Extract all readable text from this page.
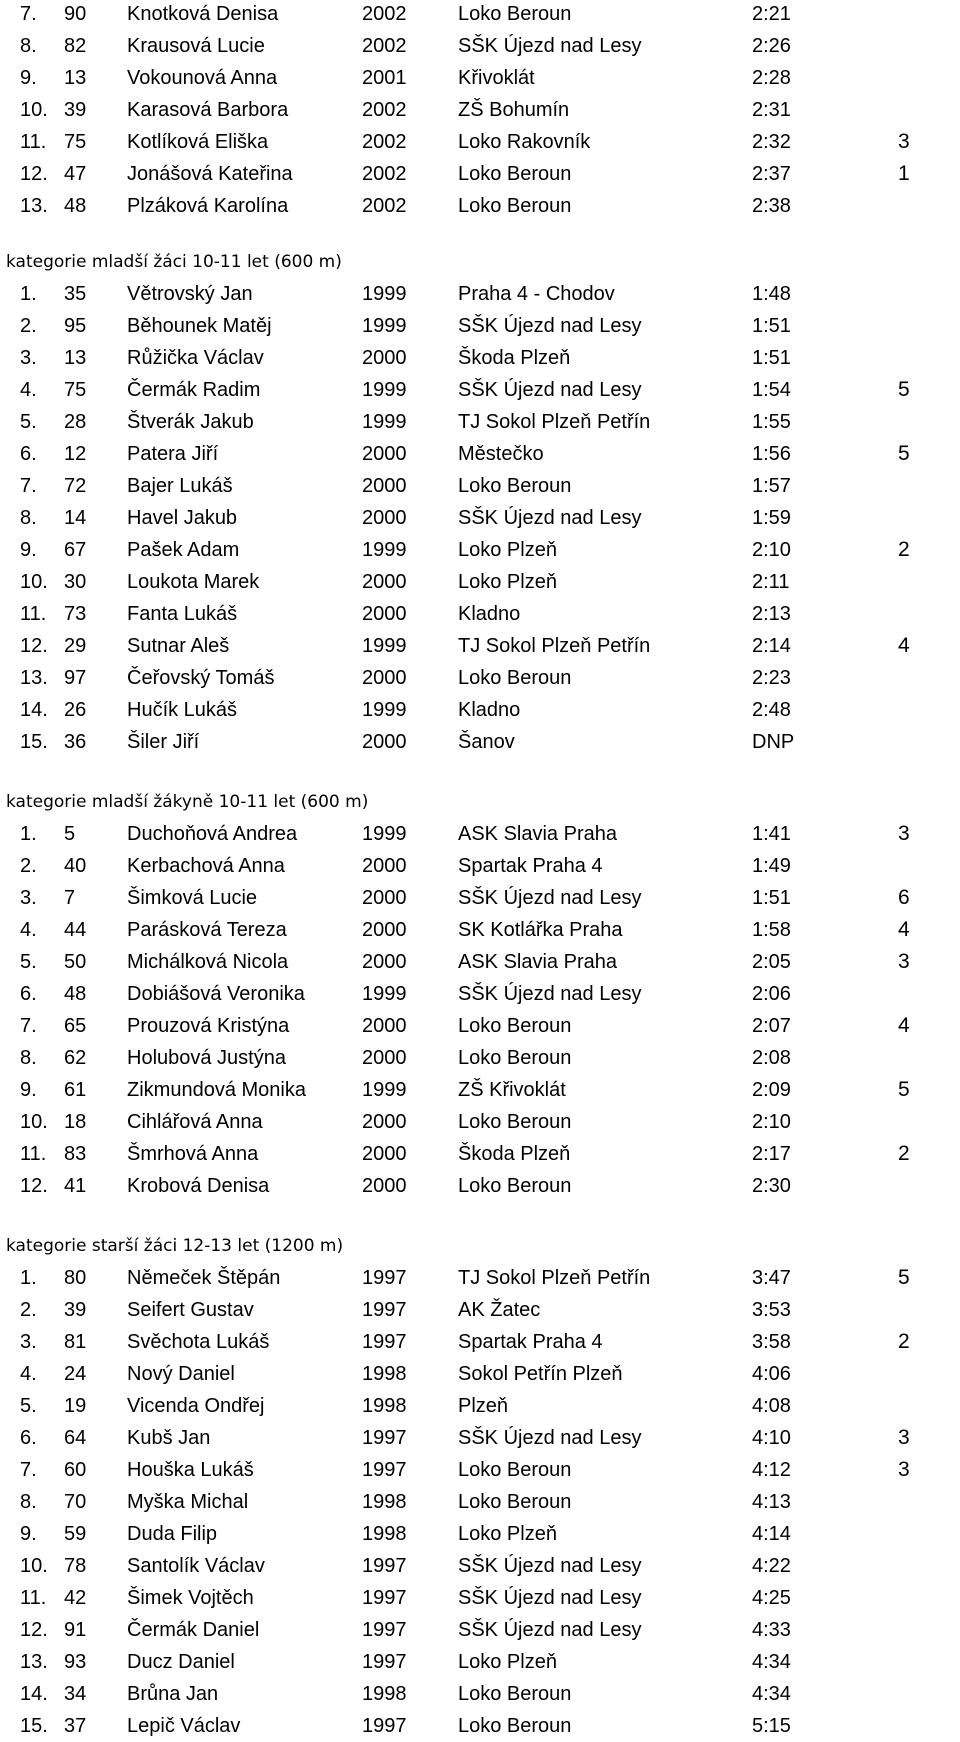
7. 90 Knotková Denisa	2002	Loko Beroun	2:21
8. 82 Krausová Lucie	2002	SŠK Újezd nad Lesy	2:26
9. 13 Vokounová Anna	2001	Křivoklát	2:28
10. 39 Karasová Barbora	2002	ZŠ Bohumín	2:31
11. 75 Kotlíková Eliška	2002	Loko Rakovník	2:32	3
12. 47 Jonášová Kateřina	2002	Loko Beroun	2:37	1
13. 48 Plzáková Karolína	2002	Loko Beroun	2:38
kategorie mladší žáci 10-11 let (600 m)
1. 35 Větrovský Jan	1999	Praha 4 - Chodov	1:48
2. 95 Běhounek Matěj	1999	SŠK Újezd nad Lesy	1:51
3. 13 Růžička Václav	2000	Škoda Plzeň	1:51
4. 75 Čermák Radim	1999	SŠK Újezd nad Lesy	1:54	5
5. 28 Štverák Jakub	1999	TJ Sokol Plzeň Petřín	1:55
6. 12 Patera Jiří	2000	Městečko	1:56	5
7. 72 Bajer Lukáš	2000	Loko Beroun	1:57
8. 14 Havel Jakub	2000	SŠK Újezd nad Lesy	1:59
9. 67 Pašek Adam	1999	Loko Plzeň	2:10	2
10. 30 Loukota Marek	2000	Loko Plzeň	2:11
11. 73 Fanta Lukáš	2000	Kladno	2:13
12. 29 Sutnar Aleš	1999	TJ Sokol Plzeň Petřín	2:14	4
13. 97 Čeřovský Tomáš	2000	Loko Beroun	2:23
14. 26 Hučík Lukáš	1999	Kladno	2:48
15. 36 Šiler Jiří	2000	Šanov	DNP
kategorie mladší žákyně 10-11 let (600 m)
1. 5	Duchoňová Andrea	1999	ASK Slavia Praha	1:41	3
2. 40 Kerbachová Anna	2000	Spartak Praha 4	1:49
3. 7	Šimková Lucie	2000	SŠK Újezd nad Lesy	1:51	6
4. 44 Parásková Tereza	2000	SK Kotlářka Praha	1:58	4
5. 50 Michálková Nicola	2000	ASK Slavia Praha	2:05	3
6. 48 Dobiášová Veronika	1999	SŠK Újezd nad Lesy	2:06
7. 65 Prouzová Kristýna	2000	Loko Beroun	2:07	4
8. 62 Holubová Justýna	2000	Loko Beroun	2:08
9. 61 Zikmundová Monika	1999	ZŠ Křivoklát	2:09	5
10. 18 Cihlářová Anna	2000	Loko Beroun	2:10
11. 83 Šmrhová Anna	2000	Škoda Plzeň	2:17	2
12. 41 Krobová Denisa	2000	Loko Beroun	2:30
kategorie starší žáci 12-13 let (1200 m)
1. 80 Němeček Štěpán	1997	TJ Sokol Plzeň Petřín	3:47	5
2. 39 Seifert Gustav	1997	AK Žatec	3:53
3. 81 Svěchota Lukáš	1997	Spartak Praha 4	3:58	2
4. 24 Nový Daniel	1998	Sokol Petřín Plzeň	4:06
5. 19 Vicenda Ondřej	1998	Plzeň	4:08
6. 64 Kubš Jan	1997	SŠK Újezd nad Lesy	4:10	3
7. 60 Houška Lukáš	1997	Loko Beroun	4:12	3
8. 70 Myška Michal	1998	Loko Beroun	4:13
9. 59 Duda Filip	1998	Loko Plzeň	4:14
10. 78 Santolík Václav	1997	SŠK Újezd nad Lesy	4:22
11. 42 Šimek Vojtěch	1997	SŠK Újezd nad Lesy	4:25
12. 91 Čermák Daniel	1997	SŠK Újezd nad Lesy	4:33
13. 93 Ducz Daniel	1997	Loko Plzeň	4:34
14. 34 Brůna Jan	1998	Loko Beroun	4:34
15. 37 Lepič Václav	1997	Loko Beroun	5:15
